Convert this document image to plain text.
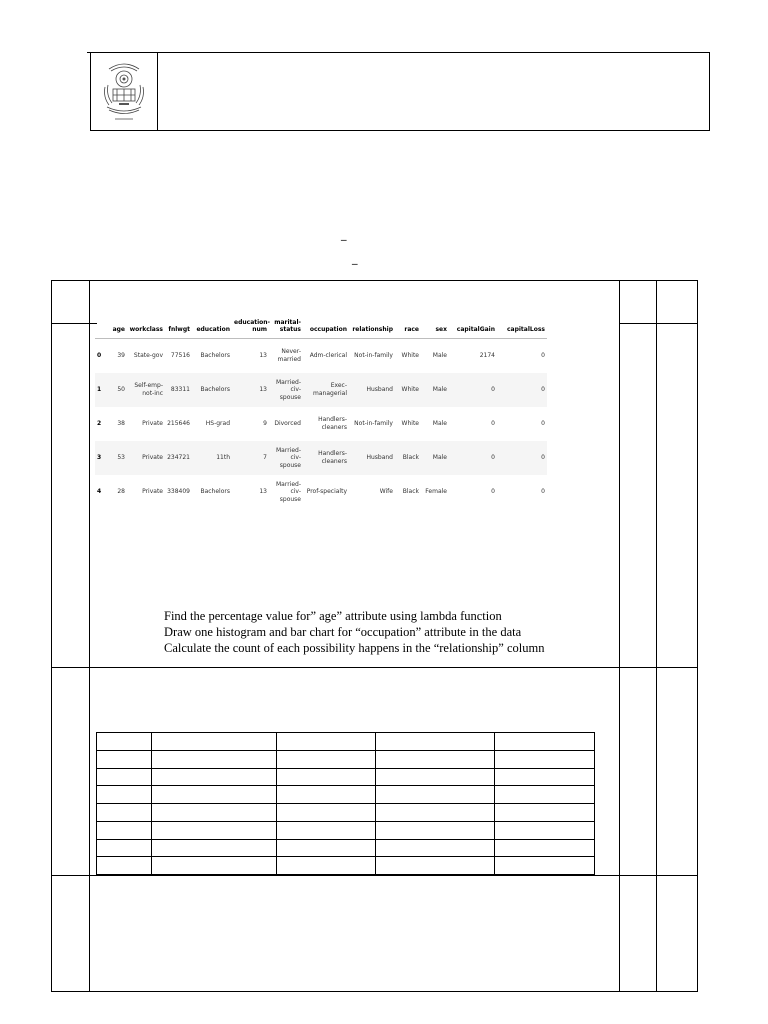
_
_
	age	workclass	fnlwgt	education	education-num	marital-status	occupation	relationship	race	sex	capitalGain	capitalLoss
0	39	State-gov	77516	Bachelors	13	Never-married	Adm-clerical	Not-in-family	White	Male	2174	0
1	50	Self-emp-not-inc	83311	Bachelors	13	Married-civ-spouse	Exec-managerial	Husband	White	Male	0	0
2	38	Private	215646	HS-grad	9	Divorced	Handlers-cleaners	Not-in-family	White	Male	0	0
3	53	Private	234721	11th	7	Married-civ-spouse	Handlers-cleaners	Husband	Black	Male	0	0
4	28	Private	338409	Bachelors	13	Married-civ-spouse	Prof-specialty	Wife	Black	Female	0	0
Find the percentage value for” age” attribute using lambda function
Draw one histogram and bar chart for “occupation” attribute in the data
Calculate the count of each possibility happens in the “relationship” column
